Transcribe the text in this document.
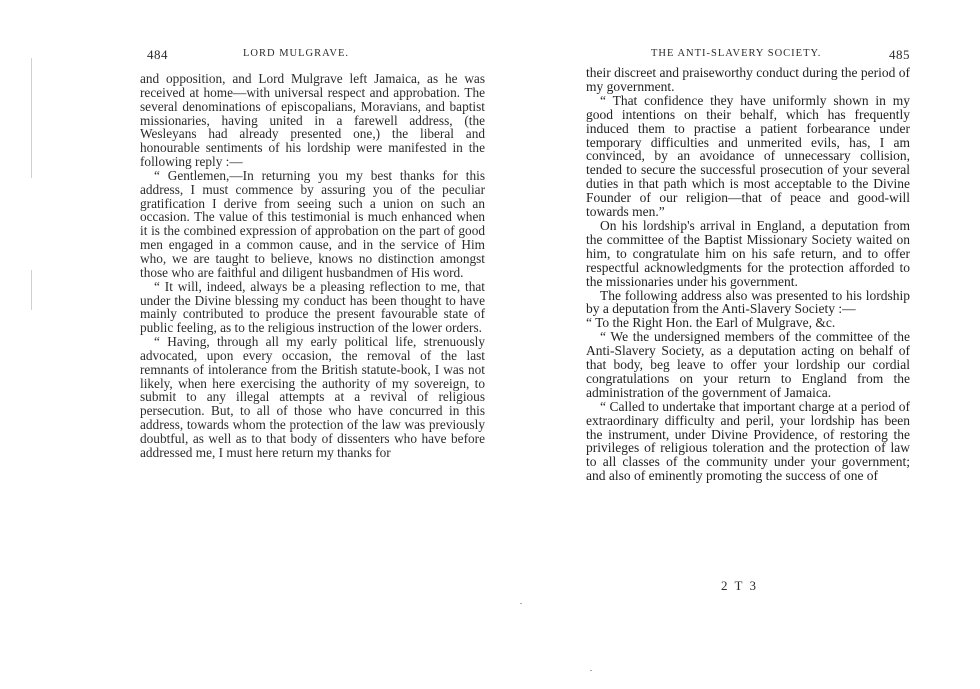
484	LORD MULGRAVE.

and opposition, and Lord Mulgrave left Jamaica, as he was received at home—with universal respect and approbation. The several denominations of episcopalians, Moravians, and baptist missionaries, having united in a farewell address, (the Wesleyans had already presented one,) the liberal and honourable sentiments of his lordship were manifested in the following reply :—

“ Gentlemen,—In returning you my best thanks for this address, I must commence by assuring you of the peculiar gratification I derive from seeing such a union on such an occasion. The value of this testimonial is much enhanced when it is the combined expression of approbation on the part of good men engaged in a common cause, and in the service of Him who, we are taught to believe, knows no distinction amongst those who are faithful and diligent husbandmen of His word.

“ It will, indeed, always be a pleasing reflection to me, that under the Divine blessing my conduct has been thought to have mainly contributed to produce the present favourable state of public feeling, as to the religious instruction of the lower orders.

“ Having, through all my early political life, strenuously advocated, upon every occasion, the removal of the last remnants of intolerance from the British statute-book, I was not likely, when here exercising the authority of my sovereign, to submit to any illegal attempts at a revival of religious persecution. But, to all of those who have concurred in this address, towards whom the protection of the law was previously doubtful, as well as to that body of dissenters who have before addressed me, I must here return my thanks for

THE ANTI-SLAVERY SOCIETY.	485

their discreet and praiseworthy conduct during the period of my government.

“ That confidence they have uniformly shown in my good intentions on their behalf, which has frequently induced them to practise a patient forbearance under temporary difficulties and unmerited evils, has, I am convinced, by an avoidance of unnecessary collision, tended to secure the successful prosecution of your several duties in that path which is most acceptable to the Divine Founder of our religion—that of peace and good-will towards men.”

On his lordship's arrival in England, a deputation from the committee of the Baptist Missionary Society waited on him, to congratulate him on his safe return, and to offer respectful acknowledgments for the protection afforded to the missionaries under his government.

The following address also was presented to his lordship by a deputation from the Anti-Slavery Society :—

“ To the Right Hon. the Earl of Mulgrave, &c.

“ We the undersigned members of the committee of the Anti-Slavery Society, as a deputation acting on behalf of that body, beg leave to offer your lordship our cordial congratulations on your return to England from the administration of the government of Jamaica.

“ Called to undertake that important charge at a period of extraordinary difficulty and peril, your lordship has been the instrument, under Divine Providence, of restoring the privileges of religious toleration and the protection of law to all classes of the community under your government; and also of eminently promoting the success of one of

2 T 3
